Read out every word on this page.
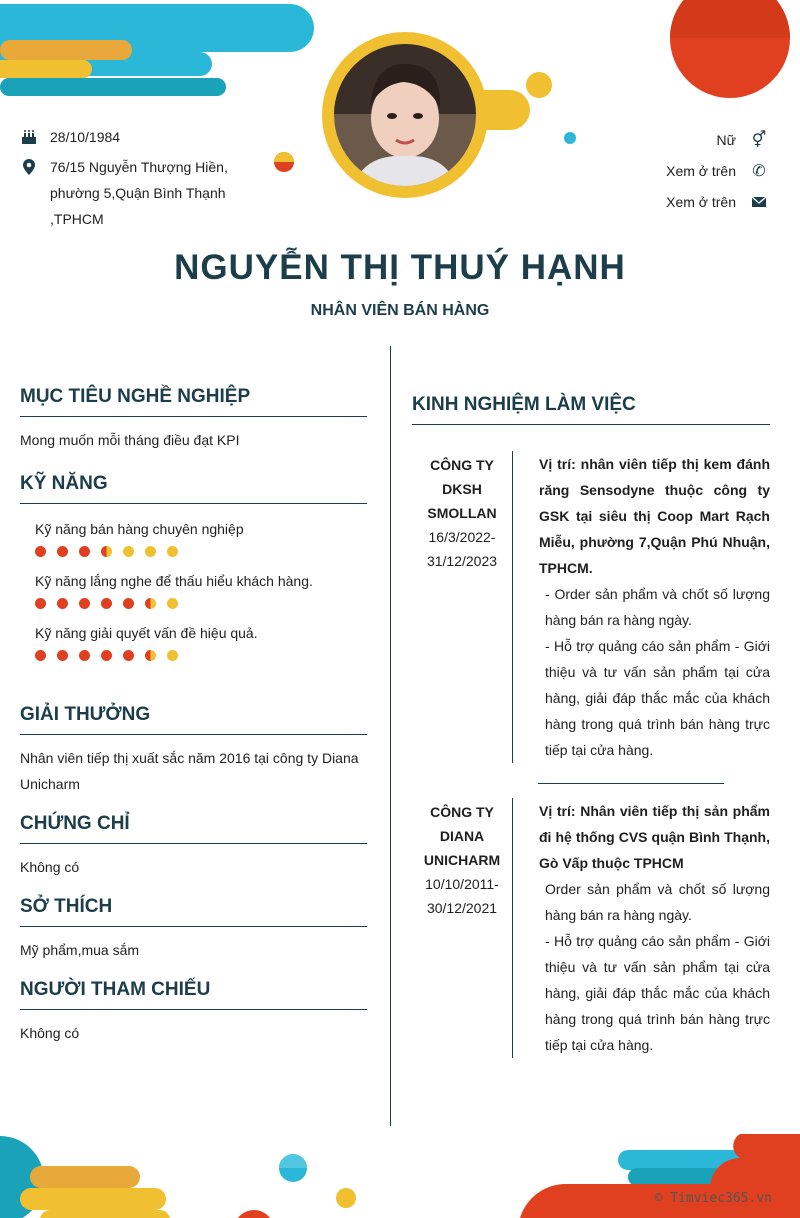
28/10/1984
76/15 Nguyễn Thượng Hiền, phường 5,Quận Bình Thạnh ,TPHCM
Nữ ⚥
Xem ở trên ✆
Xem ở trên
NGUYỄN THỊ THUÝ HẠNH
NHÂN VIÊN BÁN HÀNG
MỤC TIÊU NGHỀ NGHIỆP
Mong muốn mỗi tháng điều đạt KPI
KỸ NĂNG
Kỹ năng bán hàng chuyên nghiệp
Kỹ năng lắng nghe để thấu hiểu khách hàng.
Kỹ năng giải quyết vấn đề hiệu quả.
GIẢI THƯỞNG
Nhân viên tiếp thị xuất sắc năm 2016 tại công ty Diana Unicharm
CHỨNG CHỈ
Không có
SỞ THÍCH
Mỹ phẩm,mua sắm
NGƯỜI THAM CHIẾU
Không có
KINH NGHIỆM LÀM VIỆC
CÔNG TY DKSH SMOLLAN
16/3/2022-31/12/2023
Vị trí: nhân viên tiếp thị kem đánh răng Sensodyne thuộc công ty GSK tại siêu thị Coop Mart Rạch Miễu, phường 7,Quận Phú Nhuận, TPHCM.
- Order sản phẩm và chốt số lượng hàng bán ra hàng ngày.
- Hỗ trợ quảng cáo sản phẩm - Giới thiệu và tư vấn sản phẩm tại cửa hàng, giải đáp thắc mắc của khách hàng trong quá trình bán hàng trực tiếp tại cửa hàng.
CÔNG TY DIANA UNICHARM
10/10/2011-30/12/2021
Vị trí: Nhân viên tiếp thị sản phẩm đi hệ thống CVS quận Bình Thạnh, Gò Vấp thuộc TPHCM
Order sản phẩm và chốt số lượng hàng bán ra hàng ngày.
- Hỗ trợ quảng cáo sản phẩm - Giới thiệu và tư vấn sản phẩm tại cửa hàng, giải đáp thắc mắc của khách hàng trong quá trình bán hàng trực tiếp tại cửa hàng.
© Timviec365.vn
